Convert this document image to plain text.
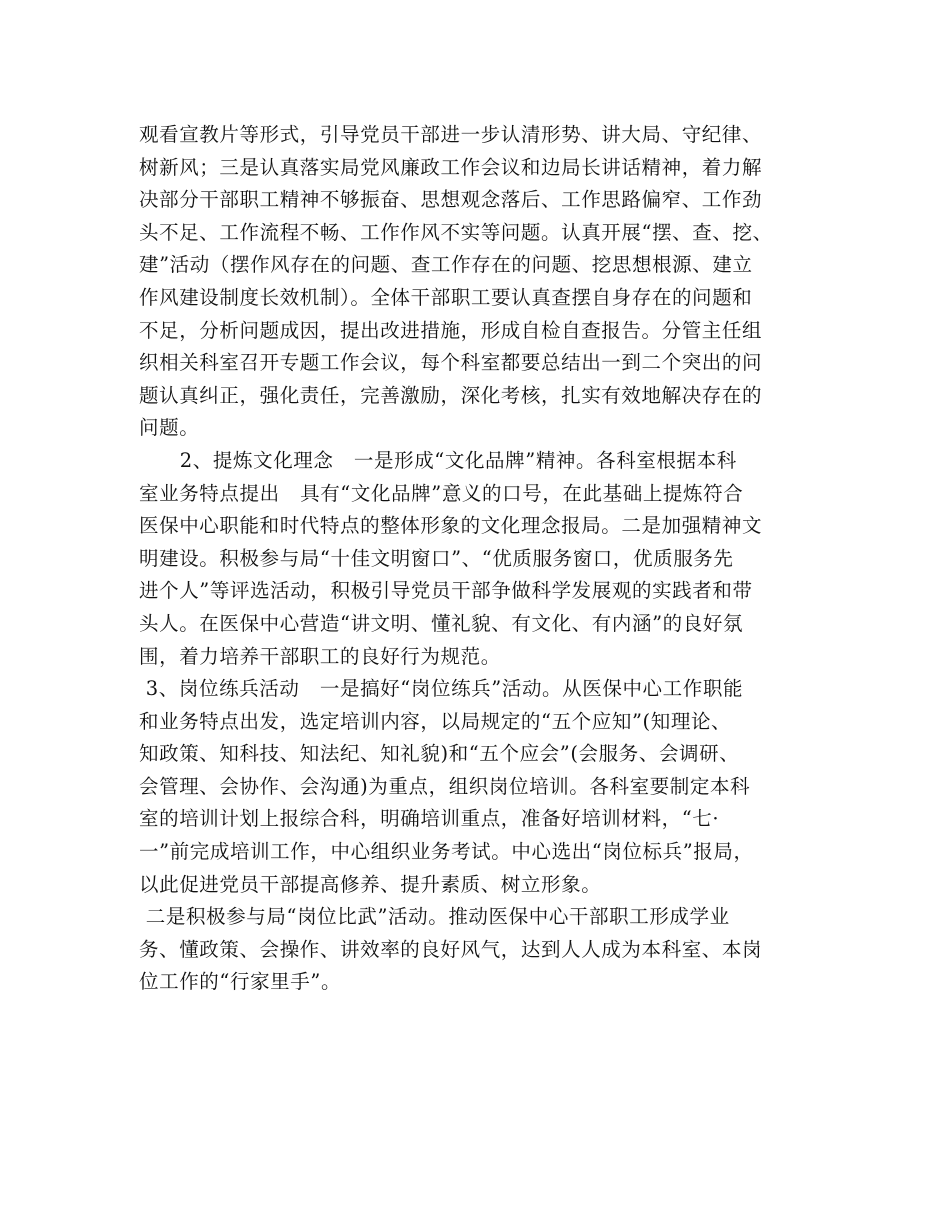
观看宣教片等形式，引导党员干部进一步认清形势、讲大局、守纪律、
树新风；三是认真落实局党风廉政工作会议和边局长讲话精神，着力解
决部分干部职工精神不够振奋、思想观念落后、工作思路偏窄、工作劲
头不足、工作流程不畅、工作作风不实等问题。认真开展“摆、查、挖、
建”活动（摆作风存在的问题、查工作存在的问题、挖思想根源、建立
作风建设制度长效机制）。全体干部职工要认真查摆自身存在的问题和
不足，分析问题成因，提出改进措施，形成自检自查报告。分管主任组
织相关科室召开专题工作会议，每个科室都要总结出一到二个突出的问
题认真纠正，强化责任，完善激励，深化考核，扎实有效地解决存在的
问题。
2、提炼文化理念   一是形成“文化品牌”精神。各科室根据本科
室业务特点提出   具有“文化品牌”意义的口号，在此基础上提炼符合
医保中心职能和时代特点的整体形象的文化理念报局。二是加强精神文
明建设。积极参与局“十佳文明窗口”、“优质服务窗口，优质服务先
进个人”等评选活动，积极引导党员干部争做科学发展观的实践者和带
头人。在医保中心营造“讲文明、懂礼貌、有文化、有内涵”的良好氛
围，着力培养干部职工的良好行为规范。
3、岗位练兵活动   一是搞好“岗位练兵”活动。从医保中心工作职能
和业务特点出发，选定培训内容，以局规定的“五个应知”(知理论、
知政策、知科技、知法纪、知礼貌)和“五个应会”(会服务、会调研、
会管理、会协作、会沟通)为重点，组织岗位培训。各科室要制定本科
室的培训计划上报综合科，明确培训重点，准备好培训材料，“七·
一”前完成培训工作，中心组织业务考试。中心选出“岗位标兵”报局，
以此促进党员干部提高修养、提升素质、树立形象。
二是积极参与局“岗位比武”活动。推动医保中心干部职工形成学业
务、懂政策、会操作、讲效率的良好风气，达到人人成为本科室、本岗
位工作的“行家里手”。
